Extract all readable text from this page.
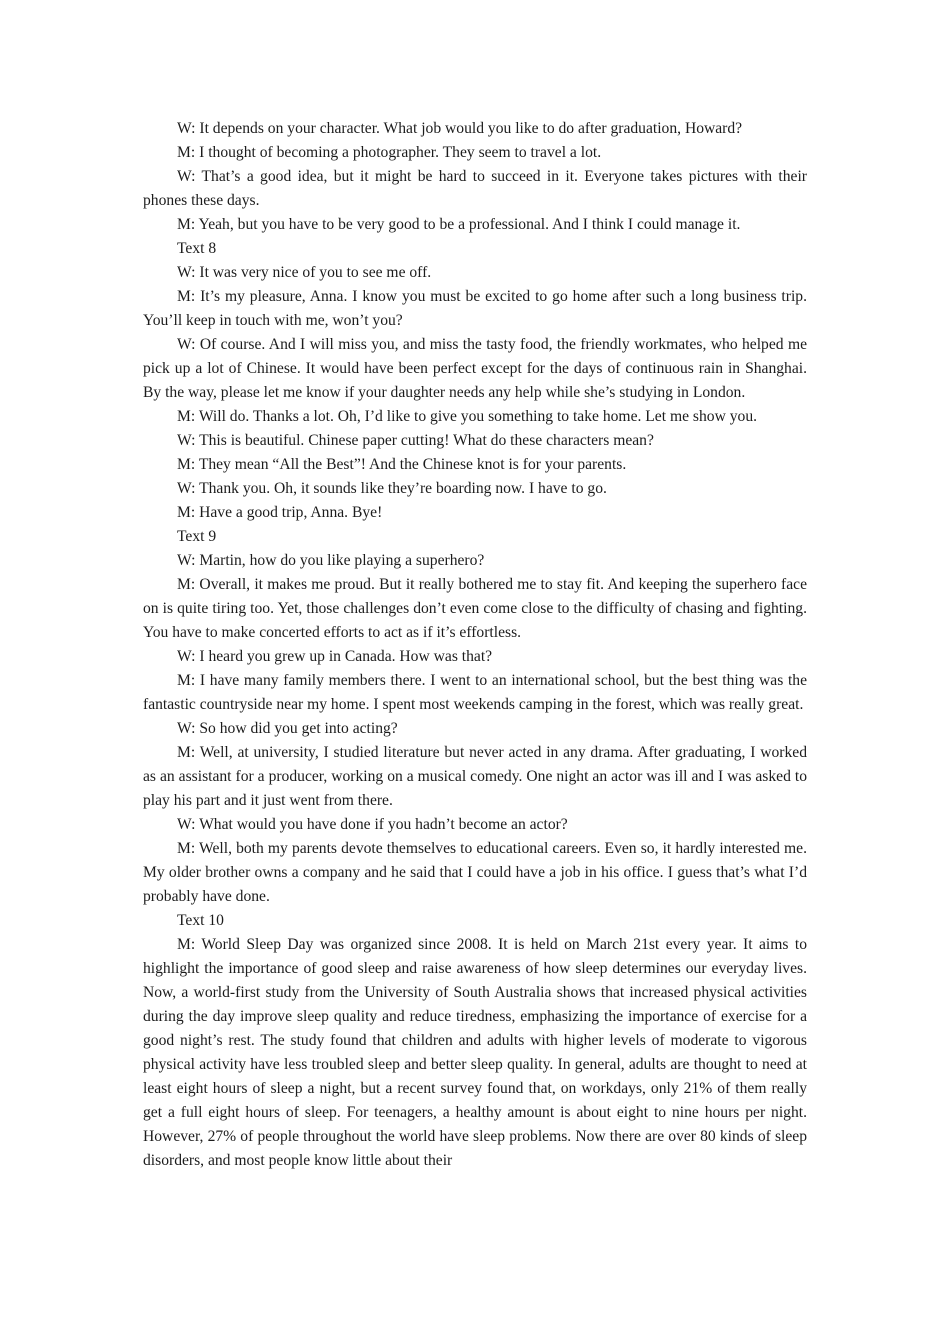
W: It depends on your character. What job would you like to do after graduation, Howard?

M: I thought of becoming a photographer. They seem to travel a lot.

W: That’s a good idea, but it might be hard to succeed in it. Everyone takes pictures with their phones these days.

M: Yeah, but you have to be very good to be a professional. And I think I could manage it.

Text 8

W: It was very nice of you to see me off.

M: It’s my pleasure, Anna. I know you must be excited to go home after such a long business trip. You’ll keep in touch with me, won’t you?

W: Of course. And I will miss you, and miss the tasty food, the friendly workmates, who helped me pick up a lot of Chinese. It would have been perfect except for the days of continuous rain in Shanghai. By the way, please let me know if your daughter needs any help while she’s studying in London.

M: Will do. Thanks a lot. Oh, I’d like to give you something to take home. Let me show you.

W: This is beautiful. Chinese paper cutting! What do these characters mean?

M: They mean “All the Best”! And the Chinese knot is for your parents.

W: Thank you. Oh, it sounds like they’re boarding now. I have to go.

M: Have a good trip, Anna. Bye!

Text 9

W: Martin, how do you like playing a superhero?

M: Overall, it makes me proud. But it really bothered me to stay fit. And keeping the superhero face on is quite tiring too. Yet, those challenges don’t even come close to the difficulty of chasing and fighting. You have to make concerted efforts to act as if it’s effortless.

W: I heard you grew up in Canada. How was that?

M: I have many family members there. I went to an international school, but the best thing was the fantastic countryside near my home. I spent most weekends camping in the forest, which was really great.

W: So how did you get into acting?

M: Well, at university, I studied literature but never acted in any drama. After graduating, I worked as an assistant for a producer, working on a musical comedy. One night an actor was ill and I was asked to play his part and it just went from there.

W: What would you have done if you hadn’t become an actor?

M: Well, both my parents devote themselves to educational careers. Even so, it hardly interested me. My older brother owns a company and he said that I could have a job in his office. I guess that’s what I’d probably have done.

Text 10

M: World Sleep Day was organized since 2008. It is held on March 21st every year. It aims to highlight the importance of good sleep and raise awareness of how sleep determines our everyday lives. Now, a world-first study from the University of South Australia shows that increased physical activities during the day improve sleep quality and reduce tiredness, emphasizing the importance of exercise for a good night’s rest. The study found that children and adults with higher levels of moderate to vigorous physical activity have less troubled sleep and better sleep quality. In general, adults are thought to need at least eight hours of sleep a night, but a recent survey found that, on workdays, only 21% of them really get a full eight hours of sleep. For teenagers, a healthy amount is about eight to nine hours per night. However, 27% of people throughout the world have sleep problems. Now there are over 80 kinds of sleep disorders, and most people know little about their
